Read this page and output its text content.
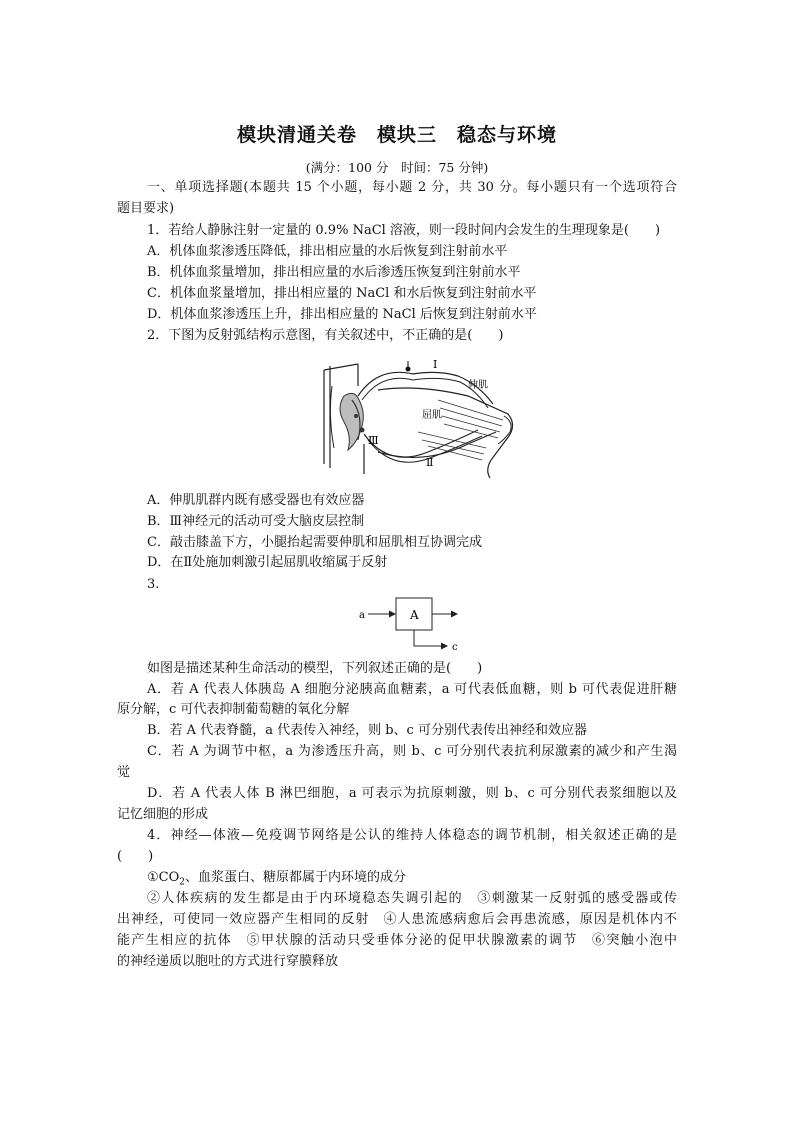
模块清通关卷　模块三　稳态与环境
(满分：100 分　时间：75 分钟)
一、单项选择题(本题共 15 个小题，每小题 2 分，共 30 分。每小题只有一个选项符合
题目要求)
1．若给人静脉注射一定量的 0.9% NaCl 溶液，则一段时间内会发生的生理现象是(　　)
A．机体血浆渗透压降低，排出相应量的水后恢复到注射前水平
B．机体血浆量增加，排出相应量的水后渗透压恢复到注射前水平
C．机体血浆量增加，排出相应量的 NaCl 和水后恢复到注射前水平
D．机体血浆渗透压上升，排出相应量的 NaCl 后恢复到注射前水平
2．下图为反射弧结构示意图，有关叙述中，不正确的是(　　)
I
Ⅱ
Ⅲ
伸肌
屈肌
A．伸肌肌群内既有感受器也有效应器
B．Ⅲ神经元的活动可受大脑皮层控制
C．敲击膝盖下方，小腿抬起需要伸肌和屈肌相互协调完成
D．在Ⅱ处施加刺激引起屈肌收缩属于反射
3.
A
a	b
c
如图是描述某种生命活动的模型，下列叙述正确的是(　　)
A．若 A 代表人体胰岛 A 细胞分泌胰高血糖素，a 可代表低血糖，则 b 可代表促进肝糖
原分解，c 可代表抑制葡萄糖的氧化分解
B．若 A 代表脊髓，a 代表传入神经，则 b、c 可分别代表传出神经和效应器
C．若 A 为调节中枢，a 为渗透压升高，则 b、c 可分别代表抗利尿激素的减少和产生渴
觉
D．若 A 代表人体 B 淋巴细胞，a 可表示为抗原刺激，则 b、c 可分别代表浆细胞以及
记忆细胞的形成
4．神经—体液—免疫调节网络是公认的维持人体稳态的调节机制，相关叙述正确的是
(　　)
$①CO_2$、血浆蛋白、糖原都属于内环境的成分
②人体疾病的发生都是由于内环境稳态失调引起的　③刺激某一反射弧的感受器或传
出神经，可使同一效应器产生相同的反射　④人患流感病愈后会再患流感，原因是机体内不
能产生相应的抗体　⑤甲状腺的活动只受垂体分泌的促甲状腺激素的调节　⑥突触小泡中
的神经递质以胞吐的方式进行穿膜释放
